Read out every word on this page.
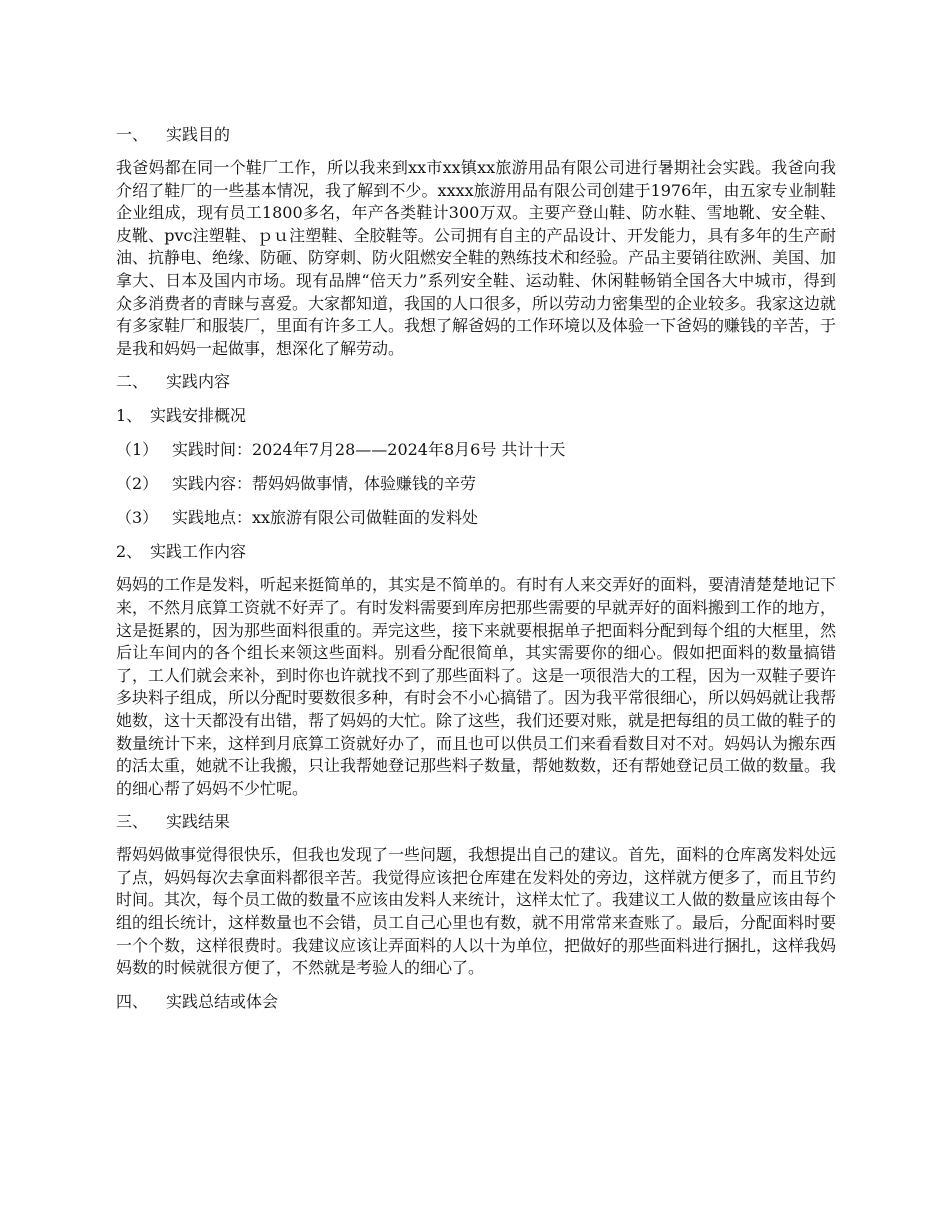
一、 实践目的
我爸妈都在同一个鞋厂工作，所以我来到xx市xx镇xx旅游用品有限公司进行暑期社会实践。我爸向我介绍了鞋厂的一些基本情况，我了解到不少。xxxx旅游用品有限公司创建于1976年，由五家专业制鞋企业组成，现有员工1800多名，年产各类鞋计300万双。主要产登山鞋、防水鞋、雪地靴、安全鞋、皮靴、pvc注塑鞋、ｐｕ注塑鞋、全胶鞋等。公司拥有自主的产品设计、开发能力，具有多年的生产耐油、抗静电、绝缘、防砸、防穿刺、防火阻燃安全鞋的熟练技术和经验。产品主要销往欧洲、美国、加拿大、日本及国内市场。现有品牌“倍天力”系列安全鞋、运动鞋、休闲鞋畅销全国各大中城市，得到众多消费者的青睐与喜爱。大家都知道，我国的人口很多，所以劳动力密集型的企业较多。我家这边就有多家鞋厂和服装厂，里面有许多工人。我想了解爸妈的工作环境以及体验一下爸妈的赚钱的辛苦，于是我和妈妈一起做事，想深化了解劳动。
二、 实践内容
1、 实践安排概况
（1） 实践时间：2024年7月28——2024年8月6号 共计十天
（2） 实践内容：帮妈妈做事情，体验赚钱的辛劳
（3） 实践地点：xx旅游有限公司做鞋面的发料处
2、 实践工作内容
妈妈的工作是发料，听起来挺简单的，其实是不简单的。有时有人来交弄好的面料，要清清楚楚地记下来，不然月底算工资就不好弄了。有时发料需要到库房把那些需要的早就弄好的面料搬到工作的地方，这是挺累的，因为那些面料很重的。弄完这些，接下来就要根据单子把面料分配到每个组的大框里，然后让车间内的各个组长来领这些面料。别看分配很简单，其实需要你的细心。假如把面料的数量搞错了，工人们就会来补，到时你也许就找不到了那些面料了。这是一项很浩大的工程，因为一双鞋子要许多块料子组成，所以分配时要数很多种，有时会不小心搞错了。因为我平常很细心，所以妈妈就让我帮她数，这十天都没有出错，帮了妈妈的大忙。除了这些，我们还要对账，就是把每组的员工做的鞋子的数量统计下来，这样到月底算工资就好办了，而且也可以供员工们来看看数目对不对。妈妈认为搬东西的活太重，她就不让我搬，只让我帮她登记那些料子数量，帮她数数，还有帮她登记员工做的数量。我的细心帮了妈妈不少忙呢。
三、 实践结果
帮妈妈做事觉得很快乐，但我也发现了一些问题，我想提出自己的建议。首先，面料的仓库离发料处远了点，妈妈每次去拿面料都很辛苦。我觉得应该把仓库建在发料处的旁边，这样就方便多了，而且节约时间。其次，每个员工做的数量不应该由发料人来统计，这样太忙了。我建议工人做的数量应该由每个组的组长统计，这样数量也不会错，员工自己心里也有数，就不用常常来查账了。最后，分配面料时要一个个数，这样很费时。我建议应该让弄面料的人以十为单位，把做好的那些面料进行捆扎，这样我妈妈数的时候就很方便了，不然就是考验人的细心了。
四、 实践总结或体会
